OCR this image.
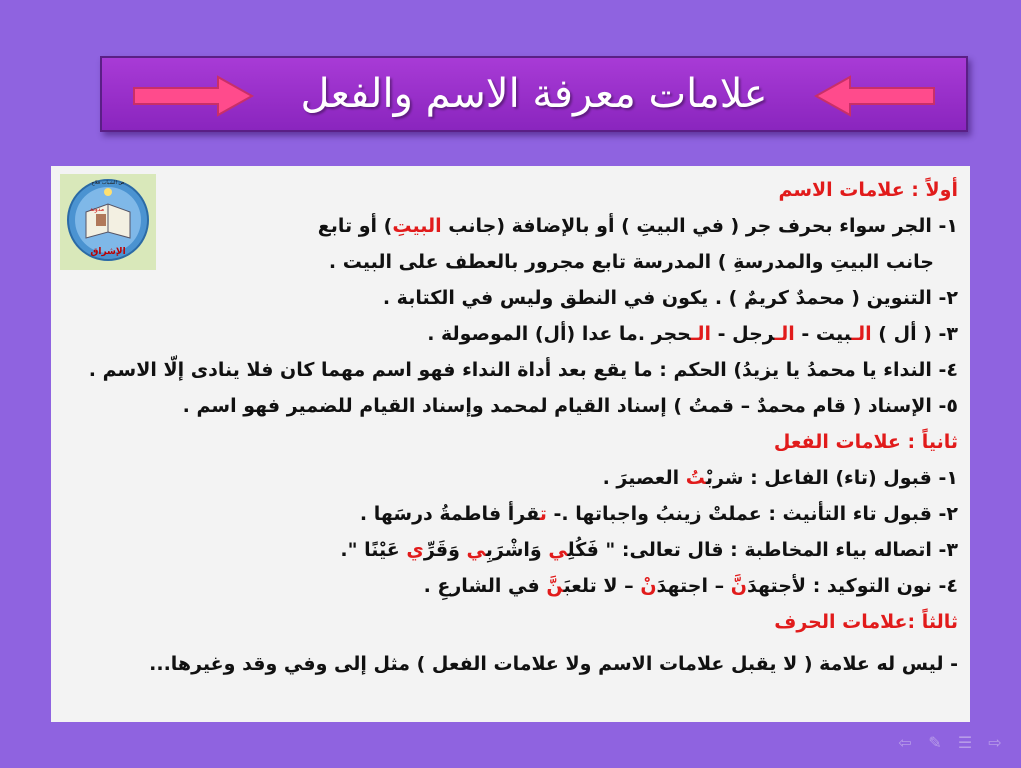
علامات معرفة الاسم والفعل
مدونة
الإشراق
ص الشباب فلاح	أولاً : علامات الاسم
١- الجر سواء بحرف جر ( في البيتِ ) أو بالإضافة (جانب البيتِ) أو تابع
جانب البيتِ والمدرسةِ ) المدرسة تابع مجرور بالعطف على البيت .
٢- التنوين ( محمدٌ كريمٌ ) . يكون في النطق وليس في الكتابة .
٣- ( أل ) الـبيت - الـرجل - الـحجر .ما عدا (أل) الموصولة .
٤- النداء يا محمدُ يا يزيدُ) الحكم : ما يقع بعد أداة النداء فهو اسم مهما كان فلا ينادى إلّا الاسم .
٥- الإسناد ( قام محمدٌ – قمتُ ) إسناد القيام لمحمد وإسناد القيام للضمير فهو اسم .
ثانياً : علامات الفعل
١- قبول (تاء) الفاعل : شربْتُ العصيرَ .
٢- قبول تاء التأنيث : عملتْ زينبُ واجباتها .- تقرأ فاطمةُ درسَها .
٣- اتصاله بياء المخاطبة : قال تعالى: " فَكُلِي وَاشْرَبِي وَقَرِّي عَيْنًا ".
٤- نون التوكيد : لأجتهدَنَّ – اجتهدَنْ – لا تلعبَنَّ في الشارعِ .
ثالثاً :علامات الحرف
- ليس له علامة ( لا يقبل علامات الاسم ولا علامات الفعل ) مثل إلى وفي وقد وغيرها...
⇦ ✎ ☰ ⇨
